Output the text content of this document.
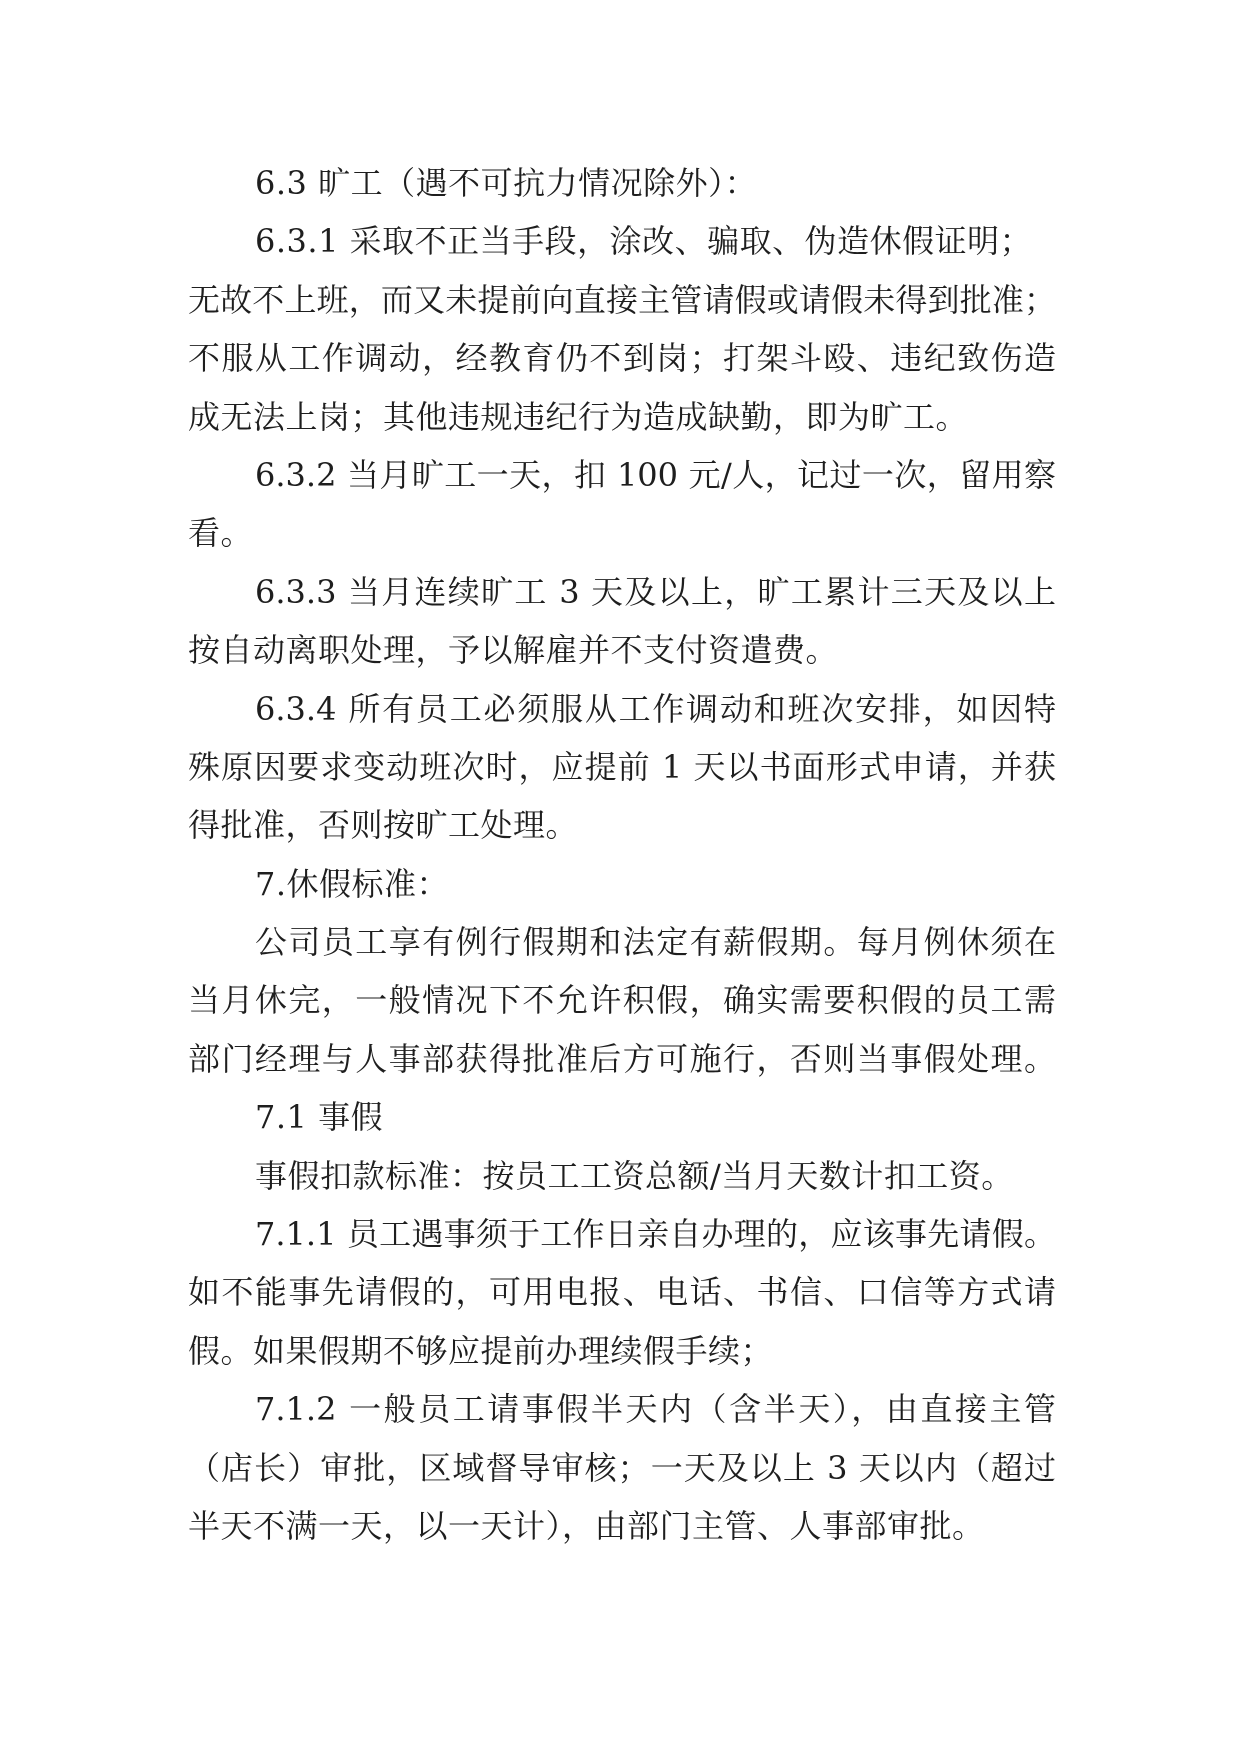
6.3 旷工（遇不可抗力情况除外）：
6.3.1 采取不正当手段，涂改、骗取、伪造休假证明；
无故不上班，而又未提前向直接主管请假或请假未得到批准；
不服从工作调动，经教育仍不到岗；打架斗殴、违纪致伤造
成无法上岗；其他违规违纪行为造成缺勤，即为旷工。
6.3.2 当月旷工一天，扣 100 元/人，记过一次，留用察
看。
6.3.3 当月连续旷工 3 天及以上，旷工累计三天及以上
按自动离职处理，予以解雇并不支付资遣费。
6.3.4 所有员工必须服从工作调动和班次安排，如因特
殊原因要求变动班次时，应提前 1 天以书面形式申请，并获
得批准，否则按旷工处理。
7.休假标准：
公司员工享有例行假期和法定有薪假期。每月例休须在
当月休完，一般情况下不允许积假，确实需要积假的员工需
部门经理与人事部获得批准后方可施行，否则当事假处理。
7.1 事假
事假扣款标准：按员工工资总额/当月天数计扣工资。
7.1.1 员工遇事须于工作日亲自办理的，应该事先请假。
如不能事先请假的，可用电报、电话、书信、口信等方式请
假。如果假期不够应提前办理续假手续；
7.1.2 一般员工请事假半天内（含半天），由直接主管
（店长）审批，区域督导审核；一天及以上 3 天以内（超过
半天不满一天，以一天计），由部门主管、人事部审批。
